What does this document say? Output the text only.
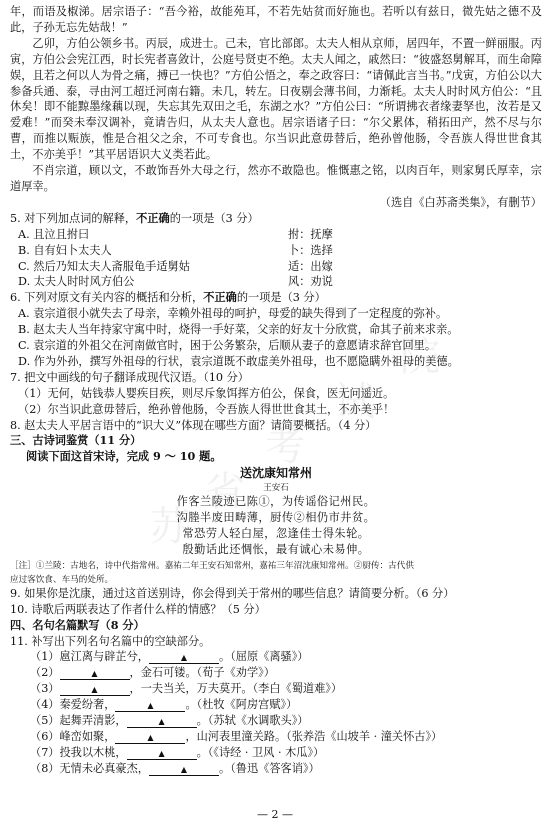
年，而语及椒涕。居宗语子：“吾今裕，故能苑耳，不若先姑贫而好施也。若听以有兹日，微先姑之德不及此，子孙无忘先姑哉！”

乙卯，方伯公领乡书。丙辰，成进士。己未，官比部郎。太夫人相从京师，居四年，不置一鲜丽服。丙寅，方伯公会宪江西，时长宪者喜敛计，公庭号贤吏不绝。太夫人闻之，戚然曰：“彼盛怒舅解耳，而生命障娱，且若之何以人为骨之痛，搏已一快也？”方伯公悟之，奉之政容曰：“请佩此言当书。”戊寅，方伯公以大参备兵通、泰，寻由河工超迁河南右籍。未几，转左。日夜剔会薄书间，力渐耗。太夫人时时风方伯公：“且休矣！即不能黥墨缘藕以现，失忘其先双田之毛，东湖之水？”方伯公曰：“所谓拂衣者缘妻孥也，汝若是又爱难！”而癸未奉汉调补，竟请告归，从太夫人意也。居宗语诸子曰：“尔父累体，稍拓田产，然不尽与尔曹，而推以赈族，惟是合祖父之余，不可专食也。尔当识此意毋替后，绝孙曾他肠，令吾族人得世世食其土，不亦美乎！”其平居语识大义类若此。

不肖宗道，顾以文，不敢饰吾外大母之行，然亦不敢隐也。惟慨惠之铭，以肉百年，则家舅氏厚幸，宗道厚幸。

（选自《白苏斋类集》，有删节）

5. 对下列加点词的解释，不正确的一项是（3 分）

A. 且泣且拊曰	拊：抚摩
B. 自有妇卜太夫人	卜：选择
C. 然后乃知太夫人斋服龟手适舅姑	适：出嫁
D. 太夫人时时风方伯公	风：劝说

6. 下列对原文有关内容的概括和分析，不正确的一项是（3 分）

A. 袁宗道很小就失去了母亲，幸赖外祖母的呵护，母爱的缺失得到了一定程度的弥补。

B. 赵太夫人当年持家守寓中时，烧得一手好菜，父亲的好友十分欣赏，命其子前来求亲。

C. 袁宗道的外祖父在河南做官时，困于公务繁杂，后顺从妻子的意愿请求辞官回里。

D. 作为外孙，撰写外祖母的行状，袁宗道既不敢虚美外祖母，也不愿隐瞒外祖母的美德。

7. 把文中画线的句子翻译成现代汉语。（10 分）

（1）无何，姑钱恭人婴疾目疾，则尽斥象饵挥方伯公，保食，医无问遥近。

（2）尔当识此意毋替后，绝孙曾他肠，令吾族人得世世食其土，不亦美乎！

8. 赵太夫人平居言语中的“识大义”体现在哪些方面？请简要概括。（4 分）

三、古诗词鉴赏（11 分）

阅读下面这首宋诗，完成 9 ～ 10 题。

送沈康知常州

王安石

作客兰陵迹已陈①，为传谣俗记州民。

沟塍半废田畴薄，厨传②相仍市井贫。

常恐劳人轻白屋，忽逢佳士得朱轮。

殷勤话此还惆怅，最有诚心未易伸。

［注］①兰陵：古地名，诗中代指常州。嘉祐二年王安石知常州，嘉祐三年沼沈康知常州。②厨传：古代供

应过客饮食、车马的处所。

9. 如果你是沈康，通过这首送别诗，你会得到关于常州的哪些信息？请简要分析。（6 分）

10. 诗歌后两联表达了作者什么样的情感？（5 分）

四、名句名篇默写（8 分）

11. 补写出下列名句名篇中的空缺部分。

（1）扈江离与辟芷兮，	▲	。（屈原《离骚》）

（2）	▲	，金石可镂。（荀子《劝学》）

（3）	▲	，一夫当关，万夫莫开。（李白《蜀道难》）

（4）秦爱纷奢，	▲	。（杜牧《阿房宫赋》）

（5）起舞弄清影，	▲	。（苏轼《水调歌头》）

（6）峰峦如聚，	▲	，山河表里潼关路。（张养浩《山坡羊 · 潼关怀古》）

（7）投我以木桃，	▲	。（《诗经 · 卫风 · 木瓜》）

（8）无情未必真豪杰，	▲	。（鲁迅《答客诮》）

苏
省
考
试
院
— 2 —
